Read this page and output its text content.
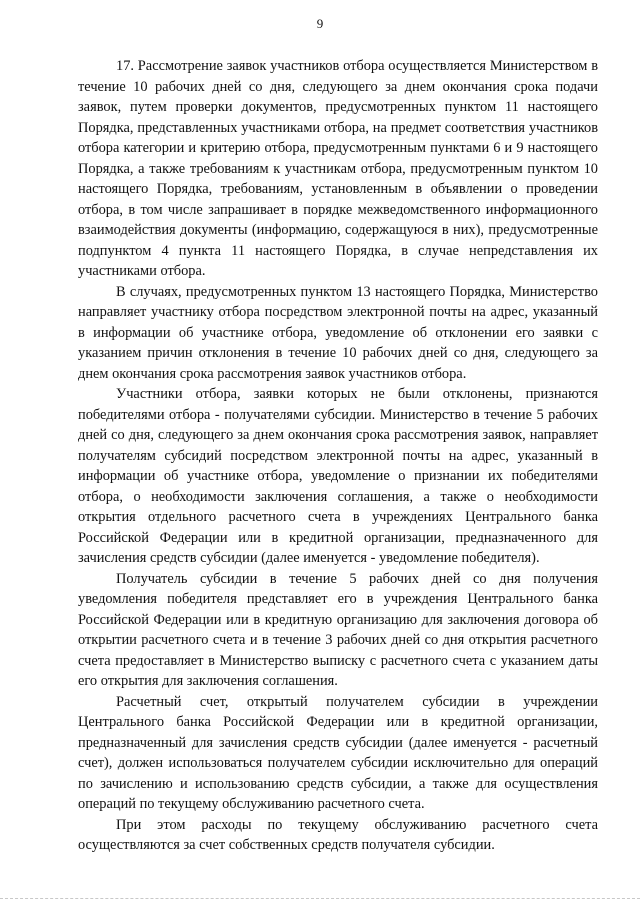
9

17. Рассмотрение заявок участников отбора осуществляется Министерством в течение 10 рабочих дней со дня, следующего за днем окончания срока подачи заявок, путем проверки документов, предусмотренных пунктом 11 настоящего Порядка, представленных участниками отбора, на предмет соответствия участников отбора категории и критерию отбора, предусмотренным пунктами 6 и 9 настоящего Порядка, а также требованиям к участникам отбора, предусмотренным пунктом 10 настоящего Порядка, требованиям, установленным в объявлении о проведении отбора, в том числе запрашивает в порядке межведомственного информационного взаимодействия документы (информацию, содержащуюся в них), предусмотренные подпунктом 4 пункта 11 настоящего Порядка, в случае непредставления их участниками отбора.

В случаях, предусмотренных пунктом 13 настоящего Порядка, Министерство направляет участнику отбора посредством электронной почты на адрес, указанный в информации об участнике отбора, уведомление об отклонении его заявки с указанием причин отклонения в течение 10 рабочих дней со дня, следующего за днем окончания срока рассмотрения заявок участников отбора.

Участники отбора, заявки которых не были отклонены, признаются победителями отбора - получателями субсидии. Министерство в течение 5 рабочих дней со дня, следующего за днем окончания срока рассмотрения заявок, направляет получателям субсидий посредством электронной почты на адрес, указанный в информации об участнике отбора, уведомление о признании их победителями отбора, о необходимости заключения соглашения, а также о необходимости открытия отдельного расчетного счета в учреждениях Центрального банка Российской Федерации или в кредитной организации, предназначенного для зачисления средств субсидии (далее именуется - уведомление победителя).

Получатель субсидии в течение 5 рабочих дней со дня получения уведомления победителя представляет его в учреждения Центрального банка Российской Федерации или в кредитную организацию для заключения договора об открытии расчетного счета и в течение 3 рабочих дней со дня открытия расчетного счета предоставляет в Министерство выписку с расчетного счета с указанием даты его открытия для заключения соглашения.

Расчетный счет, открытый получателем субсидии в учреждении Центрального банка Российской Федерации или в кредитной организации, предназначенный для зачисления средств субсидии (далее именуется - расчетный счет), должен использоваться получателем субсидии исключительно для операций по зачислению и использованию средств субсидии, а также для осуществления операций по текущему обслуживанию расчетного счета.

При этом расходы по текущему обслуживанию расчетного счета осуществляются за счет собственных средств получателя субсидии.
